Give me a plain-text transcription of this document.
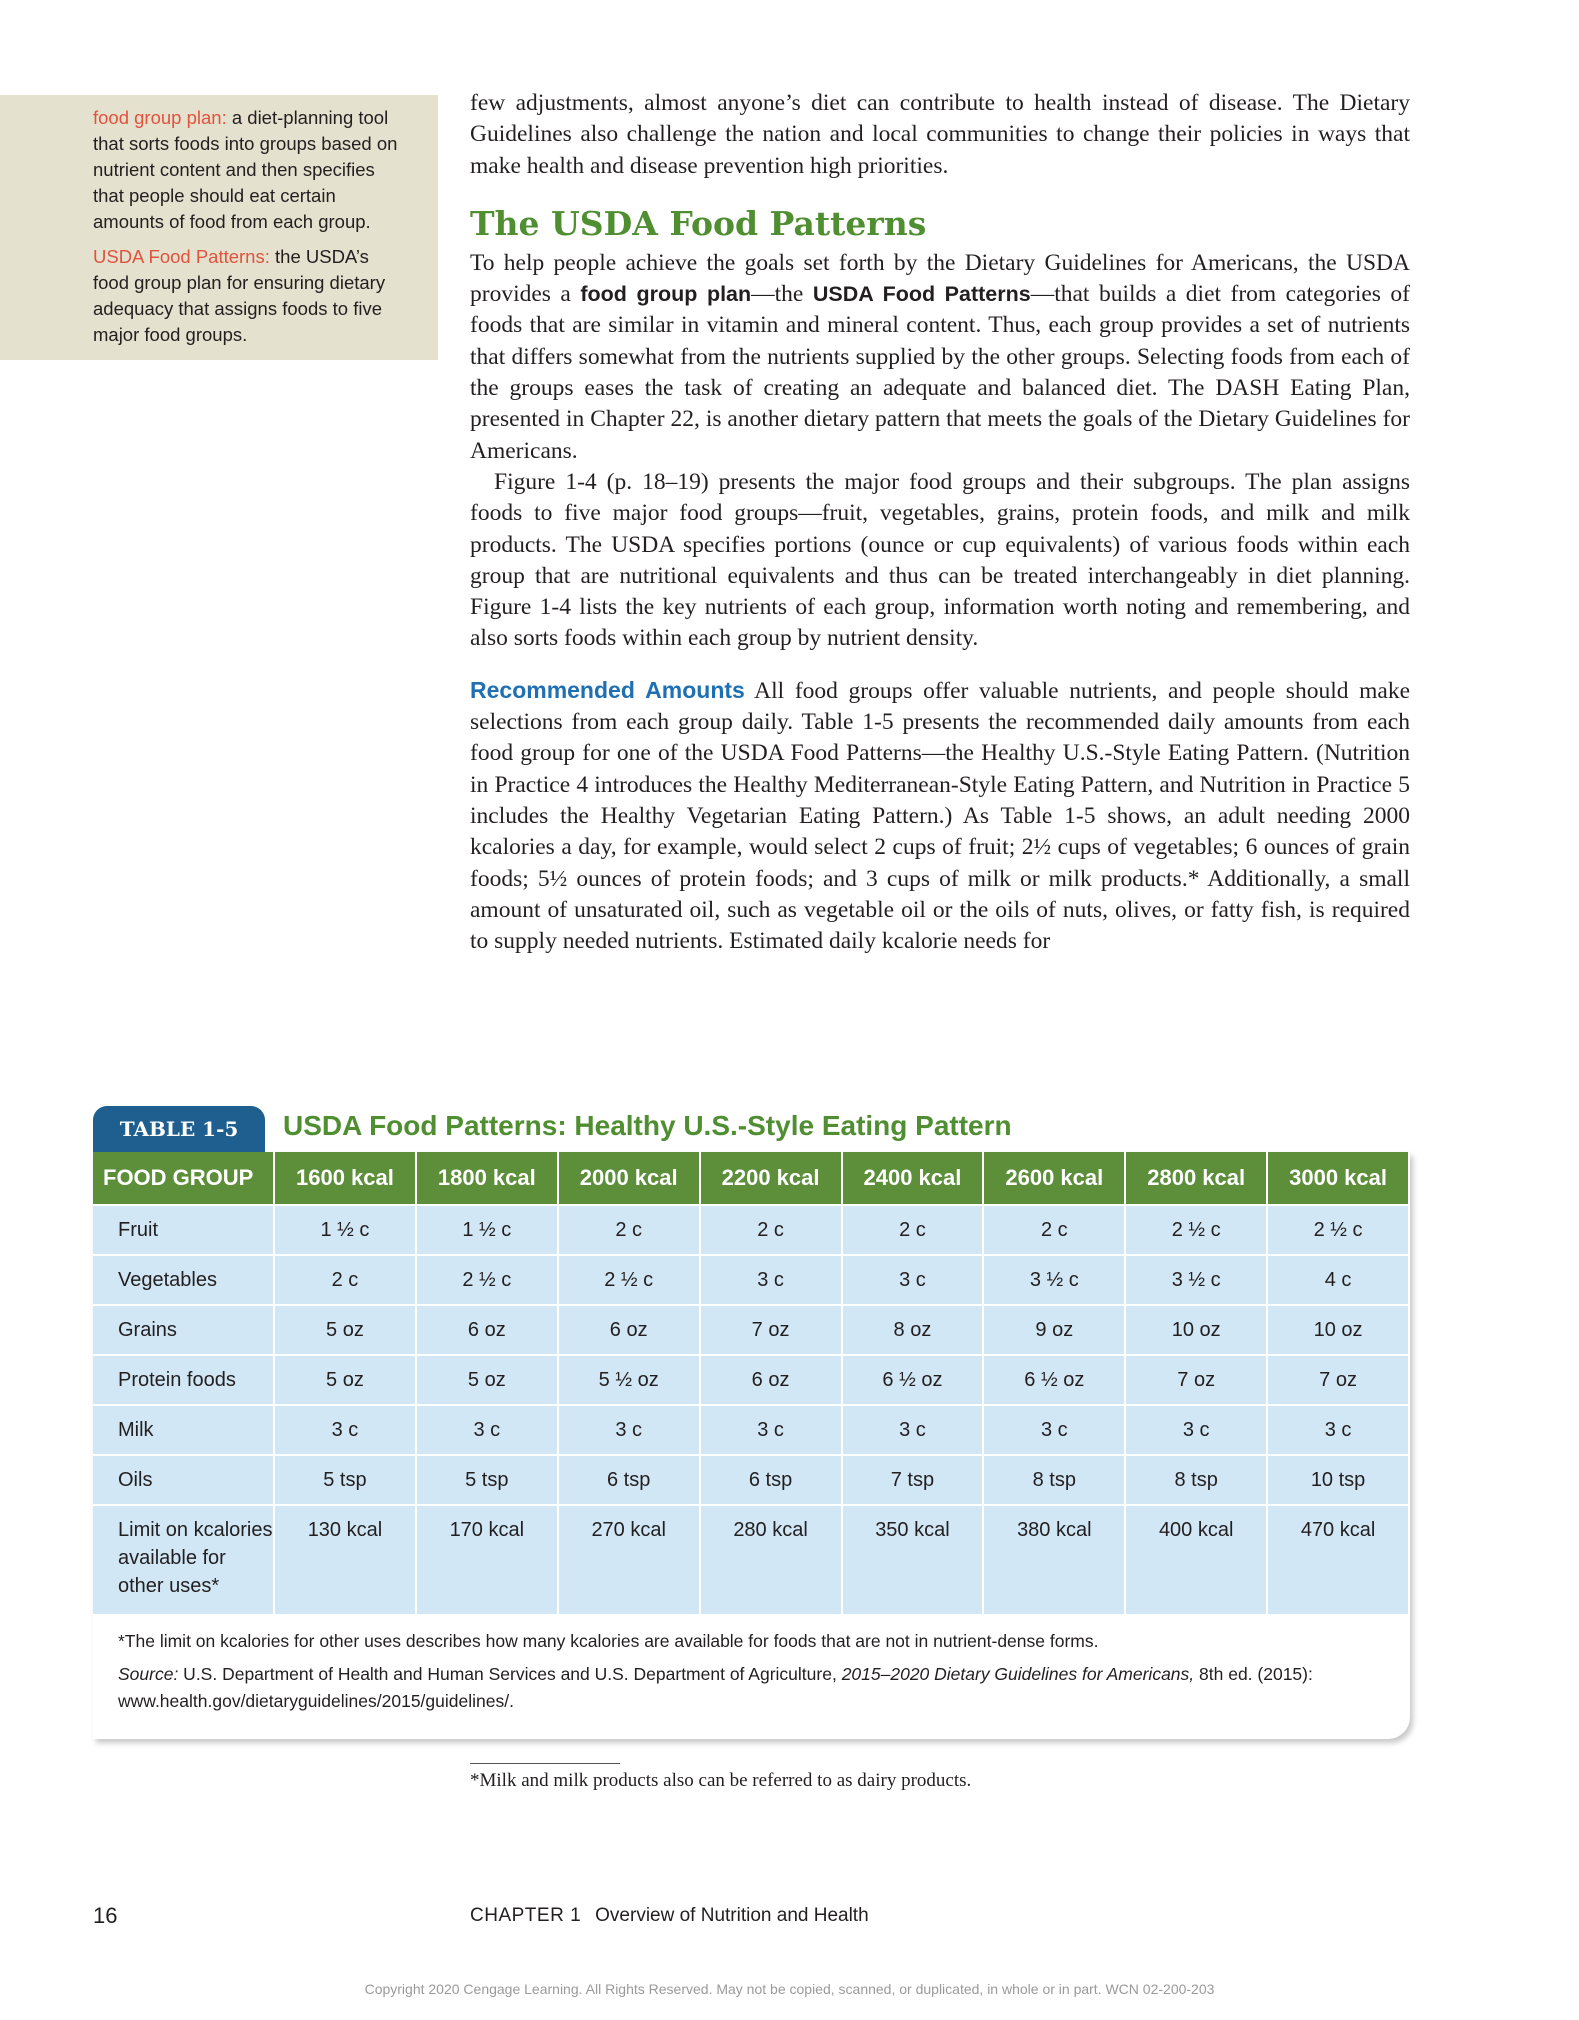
food group plan: a diet-planning tool that sorts foods into groups based on nutrient content and then specifies that people should eat certain amounts of food from each group.

USDA Food Patterns: the USDA’s food group plan for ensuring dietary adequacy that assigns foods to five major food groups.

few adjustments, almost anyone’s diet can contribute to health instead of disease. The Dietary Guidelines also challenge the nation and local communities to change their policies in ways that make health and disease prevention high priorities.

The USDA Food Patterns

To help people achieve the goals set forth by the Dietary Guidelines for Americans, the USDA provides a food group plan—the USDA Food Patterns—that builds a diet from categories of foods that are similar in vitamin and mineral content. Thus, each group provides a set of nutrients that differs somewhat from the nutrients supplied by the other groups. Selecting foods from each of the groups eases the task of creating an adequate and balanced diet. The DASH Eating Plan, presented in Chapter 22, is another dietary pattern that meets the goals of the Dietary Guidelines for Americans.

Figure 1-4 (p. 18–19) presents the major food groups and their subgroups. The plan assigns foods to five major food groups—fruit, vegetables, grains, protein foods, and milk and milk products. The USDA specifies portions (ounce or cup equivalents) of various foods within each group that are nutritional equivalents and thus can be treated interchangeably in diet planning. Figure 1-4 lists the key nutrients of each group, information worth noting and remembering, and also sorts foods within each group by nutrient density.

Recommended Amounts All food groups offer valuable nutrients, and people should make selections from each group daily. Table 1-5 presents the recommended daily amounts from each food group for one of the USDA Food Patterns—the Healthy U.S.-Style Eating Pattern. (Nutrition in Practice 4 introduces the Healthy Mediterranean-Style Eating Pattern, and Nutrition in Practice 5 includes the Healthy Vegetarian Eating Pattern.) As Table 1-5 shows, an adult needing 2000 kcalories a day, for example, would select 2 cups of fruit; 2½ cups of vegetables; 6 ounces of grain foods; 5½ ounces of protein foods; and 3 cups of milk or milk products.* Additionally, a small amount of unsaturated oil, such as vegetable oil or the oils of nuts, olives, or fatty fish, is required to supply needed nutrients. Estimated daily kcalorie needs for

TABLE 1-5	USDA Food Patterns: Healthy U.S.-Style Eating Pattern
FOOD GROUP	1600 kcal	1800 kcal	2000 kcal	2200 kcal	2400 kcal	2600 kcal	2800 kcal	3000 kcal
Fruit	1 ½ c	1 ½ c	2 c	2 c	2 c	2 c	2 ½ c	2 ½ c
Vegetables	2 c	2 ½ c	2 ½ c	3 c	3 c	3 ½ c	3 ½ c	4 c
Grains	5 oz	6 oz	6 oz	7 oz	8 oz	9 oz	10 oz	10 oz
Protein foods	5 oz	5 oz	5 ½ oz	6 oz	6 ½ oz	6 ½ oz	7 oz	7 oz
Milk	3 c	3 c	3 c	3 c	3 c	3 c	3 c	3 c
Oils	5 tsp	5 tsp	6 tsp	6 tsp	7 tsp	8 tsp	8 tsp	10 tsp
Limit on kcalories available for other uses*	130 kcal	170 kcal	270 kcal	280 kcal	350 kcal	380 kcal	400 kcal	470 kcal

*The limit on kcalories for other uses describes how many kcalories are available for foods that are not in nutrient-dense forms.

Source: U.S. Department of Health and Human Services and U.S. Department of Agriculture, 2015–2020 Dietary Guidelines for Americans, 8th ed. (2015): www.health.gov/dietaryguidelines/2015/guidelines/.

*Milk and milk products also can be referred to as dairy products.
16	CHAPTER 1 Overview of Nutrition and Health
Copyright 2020 Cengage Learning. All Rights Reserved. May not be copied, scanned, or duplicated, in whole or in part. WCN 02-200-203
